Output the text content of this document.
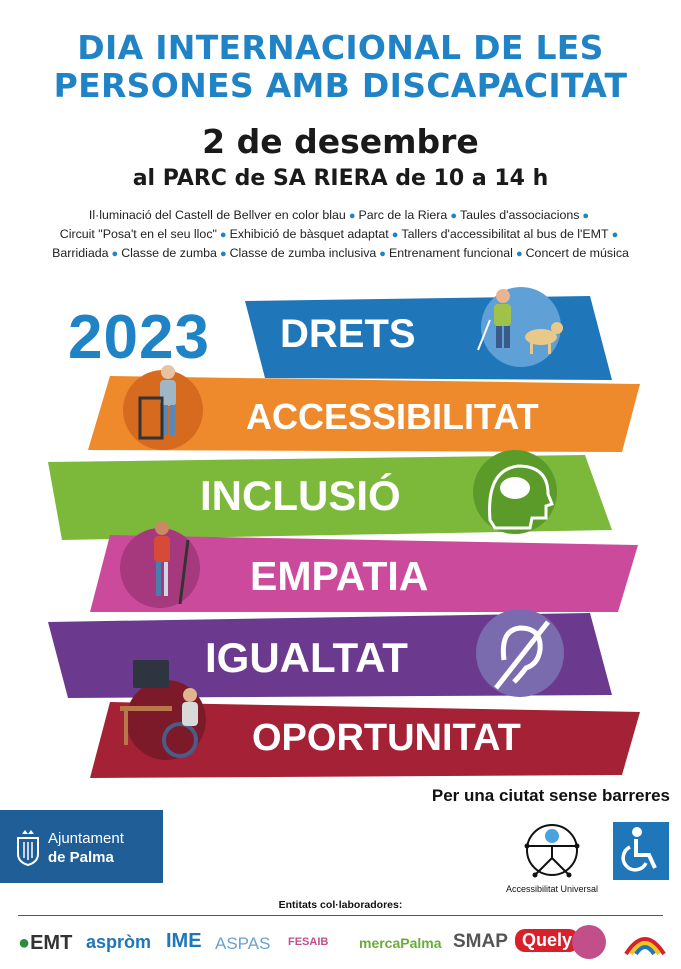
DIA INTERNACIONAL DE LES
PERSONES AMB DISCAPACITAT
2 de desembre
al PARC de SA RIERA de 10 a 14 h
Il·luminació del Castell de Bellver en color blau ● Parc de la Riera ● Taules d'associacions ●
Circuit "Posa't en el seu lloc" ● Exhibició de bàsquet adaptat ● Tallers d'accessibilitat al bus de l'EMT ●
Barridiada ● Classe de zumba ● Classe de zumba inclusiva ● Entrenament funcional ● Concert de música
2023 DRETS
ACCESSIBILITAT
INCLUSIÓ
EMPATIA
IGUALTAT
OPORTUNITAT
Per una ciutat sense barreres
Ajuntament
de Palma
Accessibilitat Universal
Entitats col·laboradores:
●EMT aspròm IME ASPAS FESAIB mercaPalma SMAP Quely
